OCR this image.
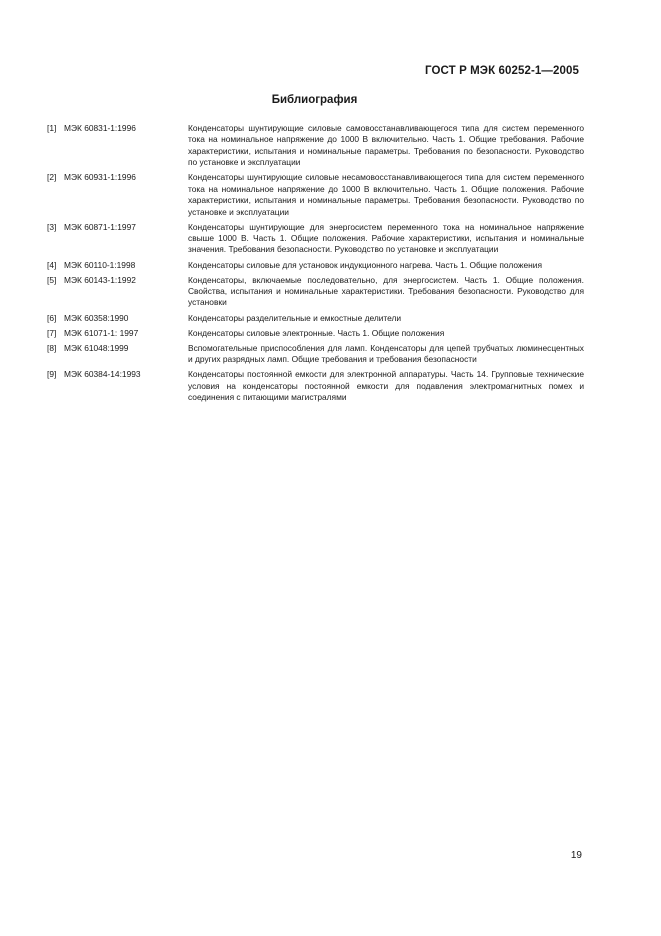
ГОСТ Р МЭК 60252-1—2005
Библиография
[1] МЭК 60831-1:1996	Конденсаторы шунтирующие силовые самовосстанавливающегося типа для систем переменного тока на номинальное напряжение до 1000 В включительно. Часть 1. Общие требования. Рабочие характеристики, испытания и номинальные параметры. Требования по безопасности. Руководство по установке и эксплуатации
[2] МЭК 60931-1:1996	Конденсаторы шунтирующие силовые несамовосстанавливающегося типа для систем переменного тока на номинальное напряжение до 1000 В включительно. Часть 1. Общие положения. Рабочие характеристики, испытания и номинальные параметры. Требования безопасности. Руководство по установке и эксплуатации
[3] МЭК 60871-1:1997	Конденсаторы шунтирующие для энергосистем переменного тока на номинальное напряжение свыше 1000 В. Часть 1. Общие положения. Рабочие характеристики, испытания и номинальные значения. Требования безопасности. Руководство по установке и эксплуатации
[4] МЭК 60110-1:1998	Конденсаторы силовые для установок индукционного нагрева. Часть 1. Общие положения
[5] МЭК 60143-1:1992	Конденсаторы, включаемые последовательно, для энергосистем. Часть 1. Общие положения. Свойства, испытания и номинальные характеристики. Требования безопасности. Руководство для установки
[6] МЭК 60358:1990	Конденсаторы разделительные и емкостные делители
[7] МЭК 61071-1: 1997	Конденсаторы силовые электронные. Часть 1. Общие положения
[8] МЭК 61048:1999	Вспомогательные приспособления для ламп. Конденсаторы для цепей трубчатых люминесцентных и других разрядных ламп. Общие требования и требования безопасности
[9] МЭК 60384-14:1993	Конденсаторы постоянной емкости для электронной аппаратуры. Часть 14. Групповые технические условия на конденсаторы постоянной емкости для подавления электромагнитных помех и соединения с питающими магистралями
19
